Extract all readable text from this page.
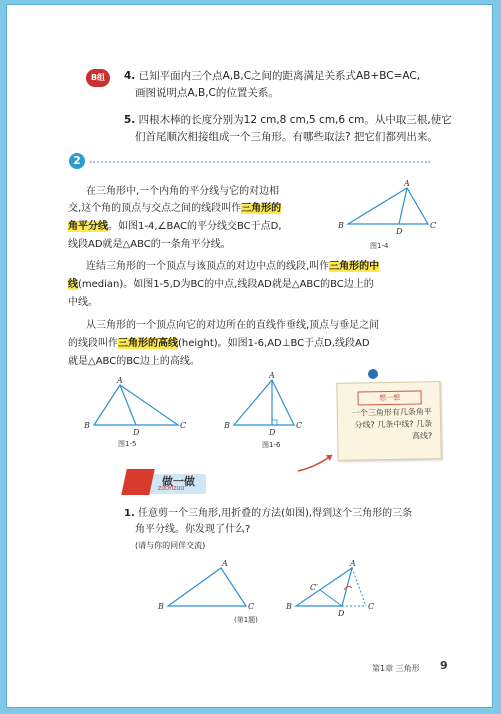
B组	4. 已知平面内三个点A,B,C之间的距离满足关系式AB+BC=AC,
画图说明点A,B,C的位置关系。
5. 四根木棒的长度分别为12 cm,8 cm,5 cm,6 cm。从中取三根,使它
们首尾顺次相接组成一个三角形。有哪些取法? 把它们都列出来。
2
在三角形中,一个内角的平分线与它的对边相
交,这个角的顶点与交点之间的线段叫作三角形的
角平分线。如图1-4,∠BAC的平分线交BC于点D,
线段AD就是△ABC的一条角平分线。
A
B	C
D
图1-4
连结三角形的一个顶点与该顶点的对边中点的线段,叫作三角形的中
线(median)。如图1-5,D为BC的中点,线段AD就是△ABC的BC边上的
中线。
从三角形的一个顶点向它的对边所在的直线作垂线,顶点与垂足之间
的线段叫作三角形的高线(height)。如图1-6,AD⊥BC于点D,线段AD
就是△ABC的BC边上的高线。
A
B	C
D
图1-5
A
B	C
D
图1-6
想一想
一个三角形有几条角平分线? 几条中线? 几条高线?
做一做
ZUOYIZUO
1. 任意剪一个三角形,用折叠的方法(如图),得到这个三角形的三条
角平分线。你发现了什么?
(请与你的同伴交流)
A
B	C
A
B	C
C′
D
(第1题)
第1章 三角形 9
